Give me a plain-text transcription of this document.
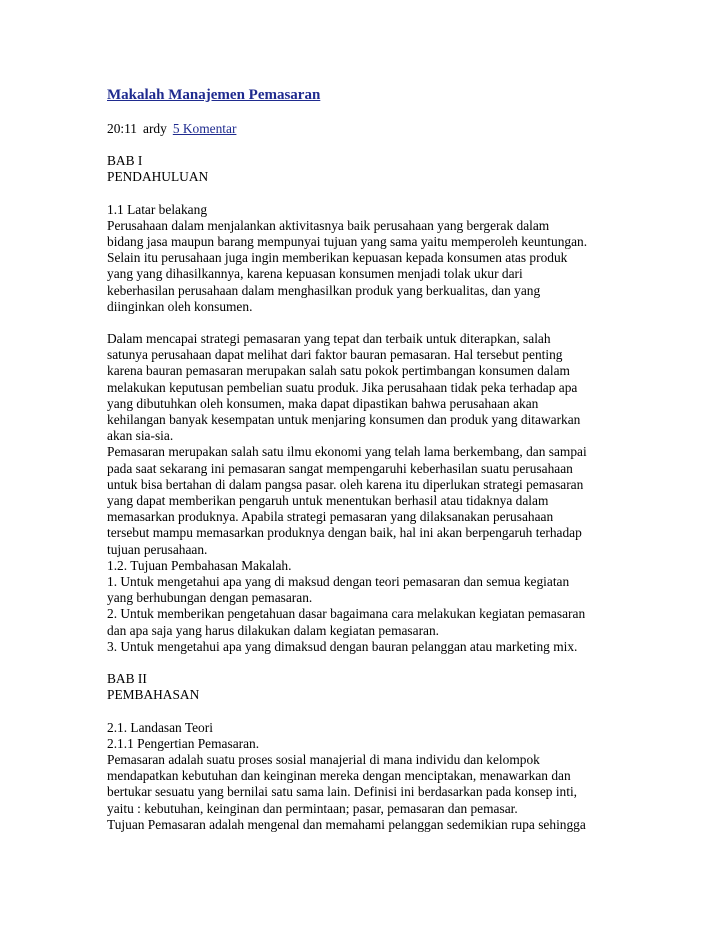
Makalah Manajemen Pemasaran
20:11 ardy 5 Komentar
BAB I
PENDAHULUAN
1.1 Latar belakang
Perusahaan dalam menjalankan aktivitasnya baik perusahaan yang bergerak dalam
bidang jasa maupun barang mempunyai tujuan yang sama yaitu memperoleh keuntungan.
Selain itu perusahaan juga ingin memberikan kepuasan kepada konsumen atas produk
yang yang dihasilkannya, karena kepuasan konsumen menjadi tolak ukur dari
keberhasilan perusahaan dalam menghasilkan produk yang berkualitas, dan yang
diinginkan oleh konsumen.
Dalam mencapai strategi pemasaran yang tepat dan terbaik untuk diterapkan, salah
satunya perusahaan dapat melihat dari faktor bauran pemasaran. Hal tersebut penting
karena bauran pemasaran merupakan salah satu pokok pertimbangan konsumen dalam
melakukan keputusan pembelian suatu produk. Jika perusahaan tidak peka terhadap apa
yang dibutuhkan oleh konsumen, maka dapat dipastikan bahwa perusahaan akan
kehilangan banyak kesempatan untuk menjaring konsumen dan produk yang ditawarkan
akan sia-sia.
Pemasaran merupakan salah satu ilmu ekonomi yang telah lama berkembang, dan sampai
pada saat sekarang ini pemasaran sangat mempengaruhi keberhasilan suatu perusahaan
untuk bisa bertahan di dalam pangsa pasar. oleh karena itu diperlukan strategi pemasaran
yang dapat memberikan pengaruh untuk menentukan berhasil atau tidaknya dalam
memasarkan produknya. Apabila strategi pemasaran yang dilaksanakan perusahaan
tersebut mampu memasarkan produknya dengan baik, hal ini akan berpengaruh terhadap
tujuan perusahaan.
1.2. Tujuan Pembahasan Makalah.
1. Untuk mengetahui apa yang di maksud dengan teori pemasaran dan semua kegiatan
yang berhubungan dengan pemasaran.
2. Untuk memberikan pengetahuan dasar bagaimana cara melakukan kegiatan pemasaran
dan apa saja yang harus dilakukan dalam kegiatan pemasaran.
3. Untuk mengetahui apa yang dimaksud dengan bauran pelanggan atau marketing mix.
BAB II
PEMBAHASAN
2.1. Landasan Teori
2.1.1 Pengertian Pemasaran.
Pemasaran adalah suatu proses sosial manajerial di mana individu dan kelompok
mendapatkan kebutuhan dan keinginan mereka dengan menciptakan, menawarkan dan
bertukar sesuatu yang bernilai satu sama lain. Definisi ini berdasarkan pada konsep inti,
yaitu : kebutuhan, keinginan dan permintaan; pasar, pemasaran dan pemasar.
Tujuan Pemasaran adalah mengenal dan memahami pelanggan sedemikian rupa sehingga
